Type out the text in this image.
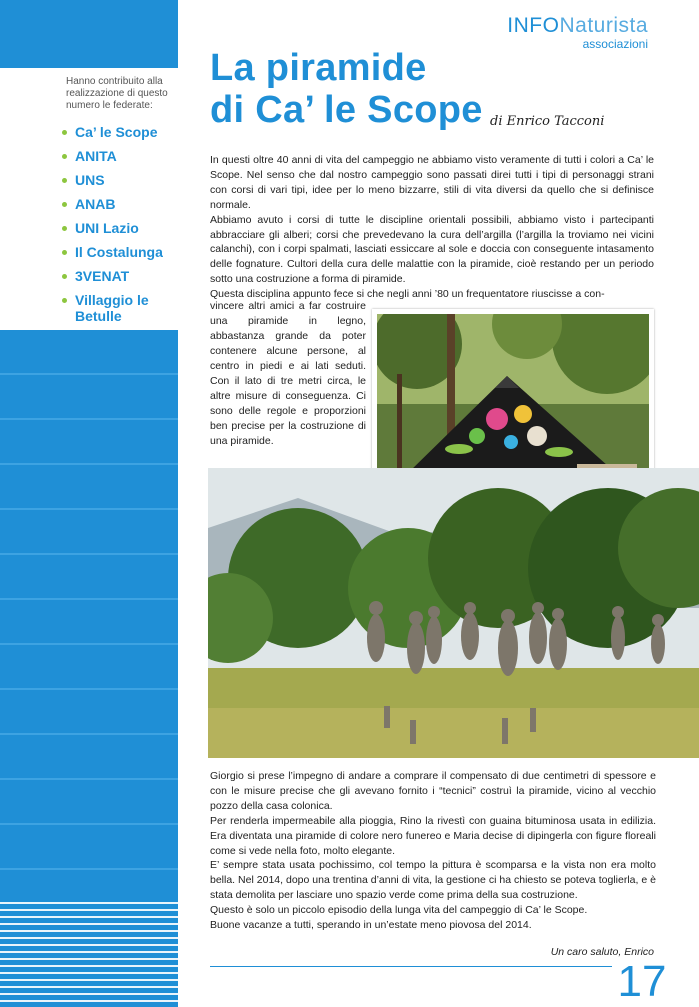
Hanno contribuito alla realizzazione di questo numero le federate:
Ca’ le Scope
ANITA
UNS
ANAB
UNI Lazio
Il Costalunga
3VENAT
Villaggio le Betulle
INFONaturista
associazioni
La piramide
di Ca’ le Scope di Enrico Tacconi

In questi oltre 40 anni di vita del campeggio ne abbiamo visto veramente di tutti i colori a Ca’ le Scope. Nel senso che dal nostro campeggio sono passati direi tutti i tipi di personaggi strani con corsi di vari tipi, idee per lo meno bizzarre, stili di vita diversi da quello che si definisce normale.

Abbiamo avuto i corsi di tutte le discipline orientali possibili, abbiamo visto i partecipanti abbracciare gli alberi; corsi che prevedevano la cura dell’argilla (l’argilla la troviamo nei vicini calanchi), con i corpi spalmati, lasciati essiccare al sole e doccia con conseguente intasamento delle fognature. Cultori della cura delle malattie con la piramide, cioè restando per un periodo sotto una costruzione a forma di piramide.

Questa disciplina appunto fece si che negli anni ’80 un frequentatore riuscisse a con-

vincere altri amici a far costruire una piramide in legno, abbastanza grande da poter contenere alcune persone, al centro in piedi e ai lati seduti. Con il lato di tre metri circa, le altre misure di conseguenza. Ci sono delle regole e proporzioni ben precise per la costruzione di una piramide.

Giorgio si prese l’impegno di andare a comprare il compensato di due centimetri di spessore e con le misure precise che gli avevano fornito i “tecnici” costruì la piramide, vicino al vecchio pozzo della casa colonica.

Per renderla impermeabile alla pioggia, Rino la rivestì con guaina bituminosa usata in edilizia. Era diventata una piramide di colore nero funereo e Maria decise di dipingerla con figure floreali come si vede nella foto, molto elegante.

E’ sempre stata usata pochissimo, col tempo la pittura è scomparsa e la vista non era molto bella. Nel 2014, dopo una trentina d’anni di vita, la gestione ci ha chiesto se poteva toglierla, e è stata demolita per lasciare uno spazio verde come prima della sua costruzione.

Questo è solo un piccolo episodio della lunga vita del campeggio di Ca’ le Scope.

Buone vacanze a tutti, sperando in un’estate meno piovosa del 2014.

Un caro saluto, Enrico
17
